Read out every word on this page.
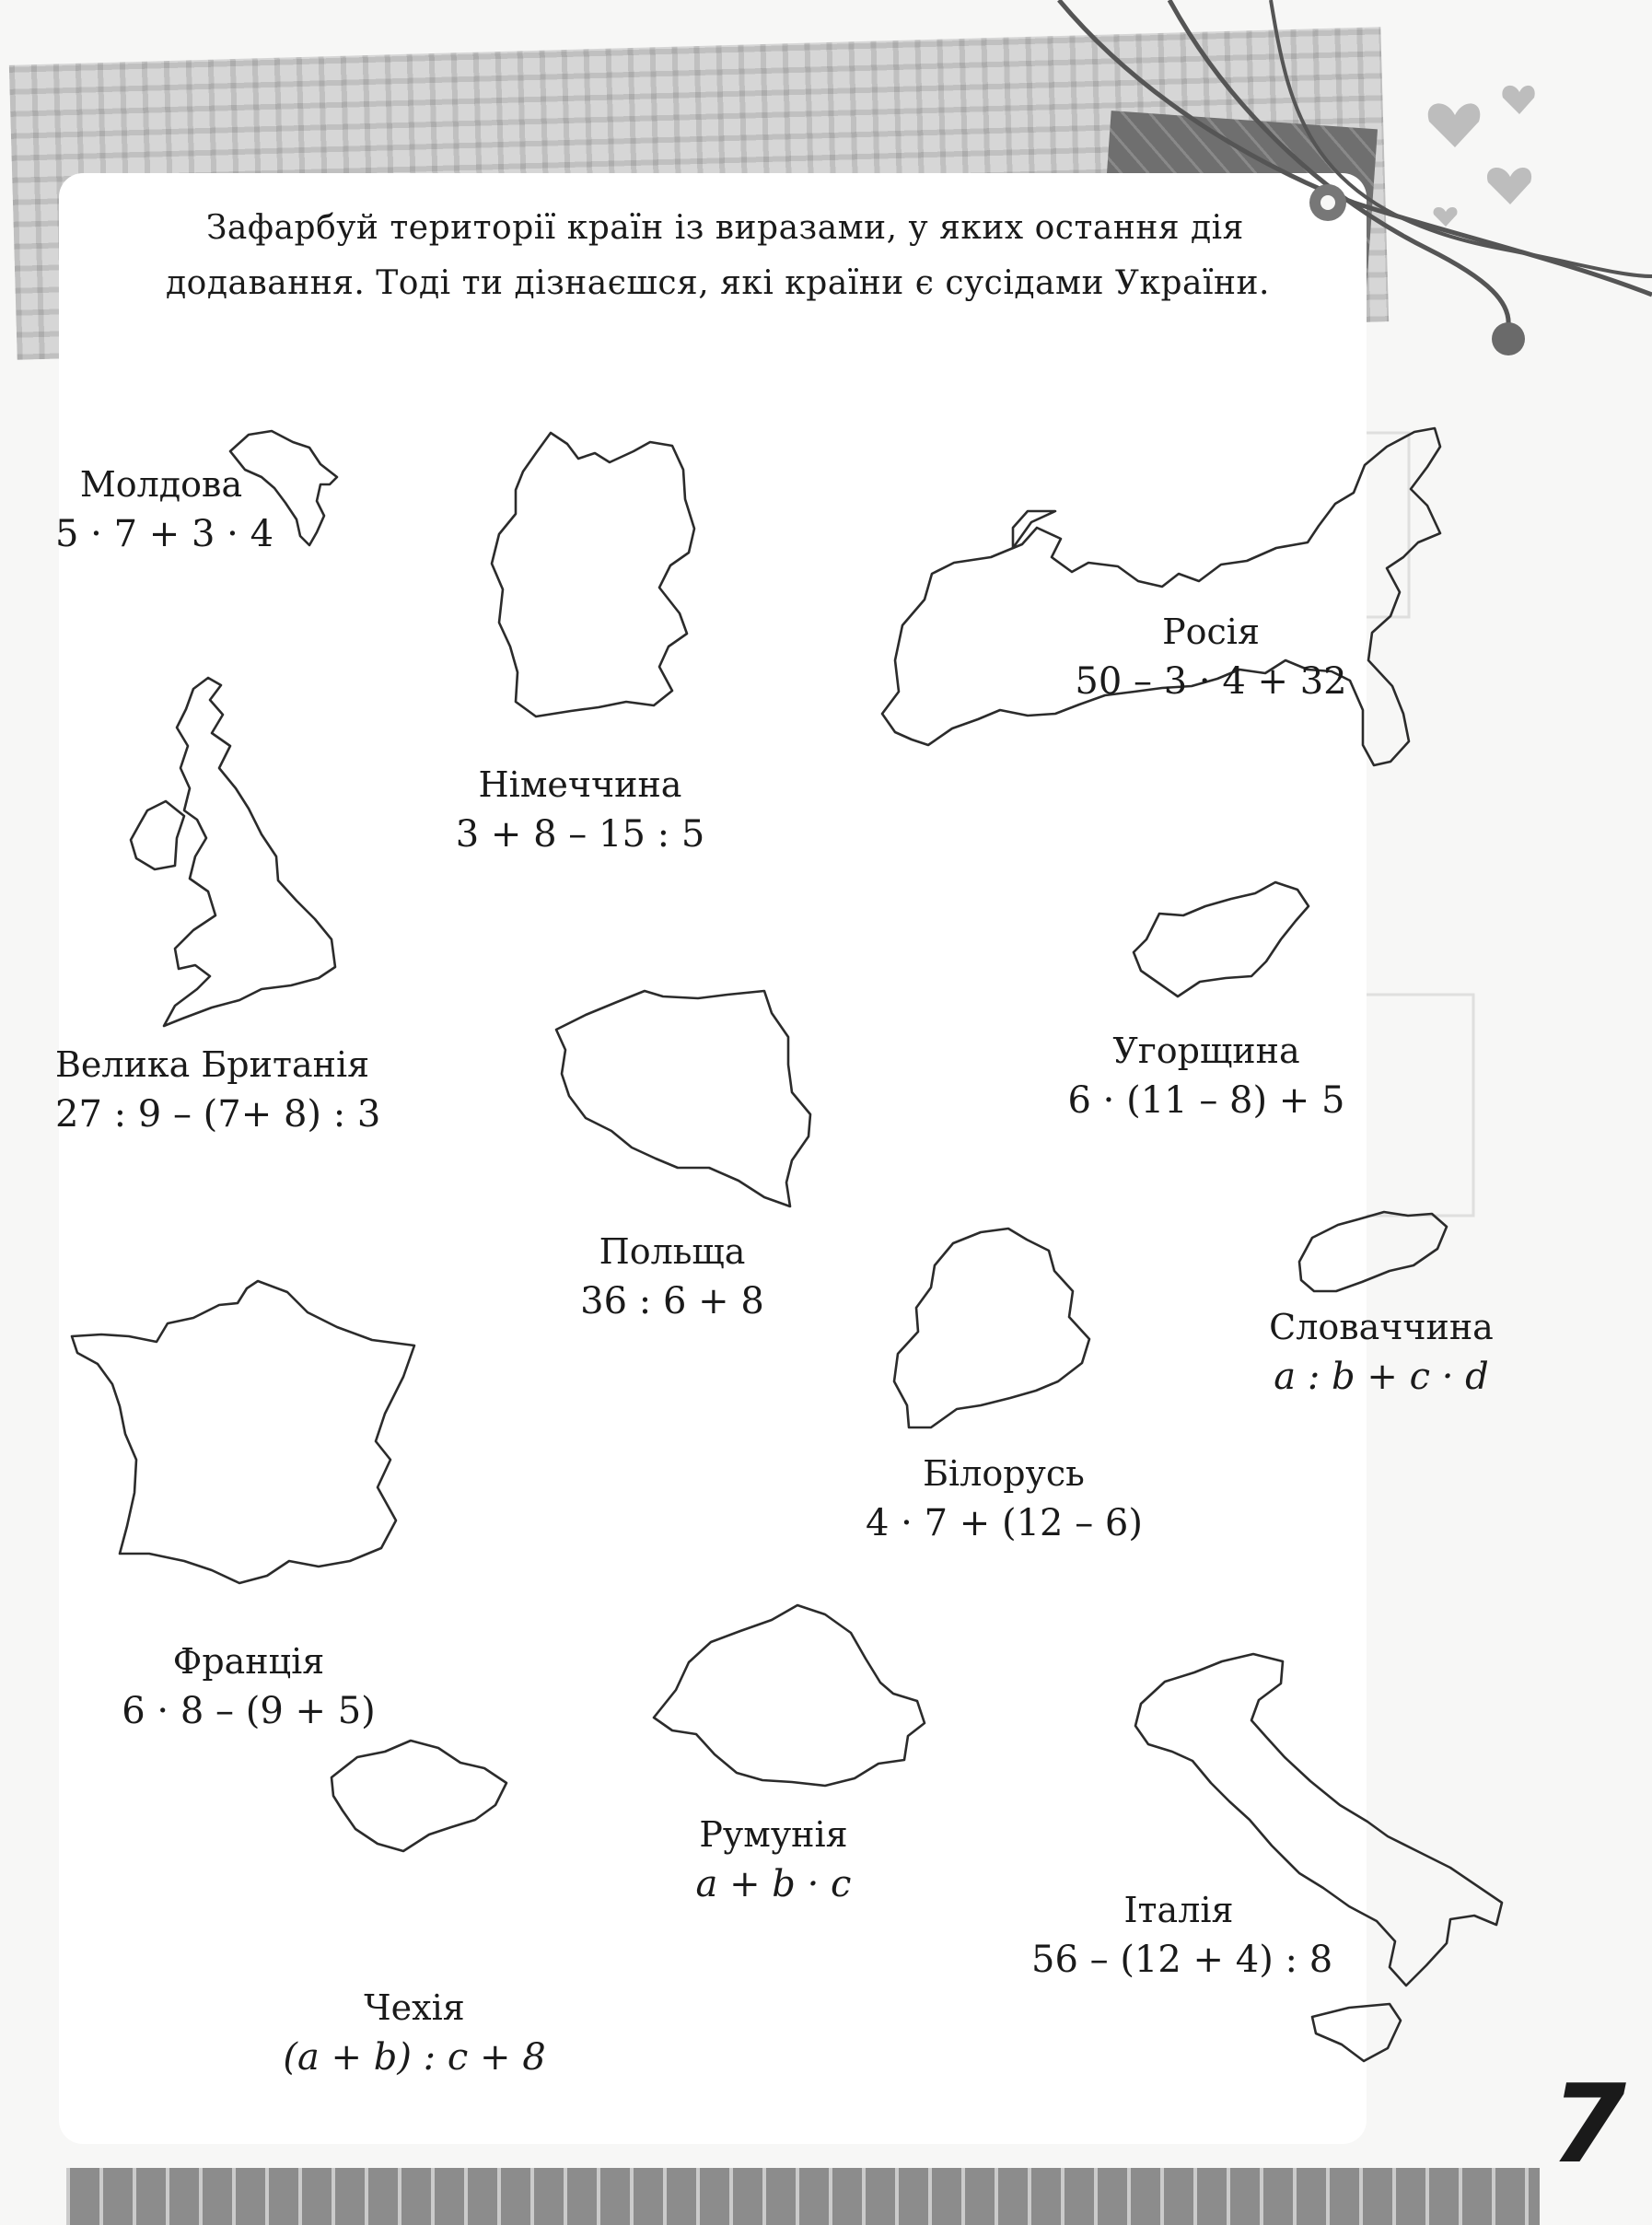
Зафарбуй території країн із виразами, у яких остання дія додавання. Тоді ти дізнаєшся, які країни є сусідами України.

Молдова
5 · 7 + 3 · 4
Німеччина
3 + 8 – 15 : 5
Росія
50 – 3 · 4 + 32
Велика Британія
27 : 9 – (7+ 8) : 3
Угорщина
6 · (11 – 8) + 5
Польща
36 : 6 + 8
Словаччина
a : b + c · d
Білорусь
4 · 7 + (12 – 6)
Франція
6 · 8 – (9 + 5)
Румунія
a + b · c
Італія
56 – (12 + 4) : 8
Чехія
(a + b) : c + 8
7
